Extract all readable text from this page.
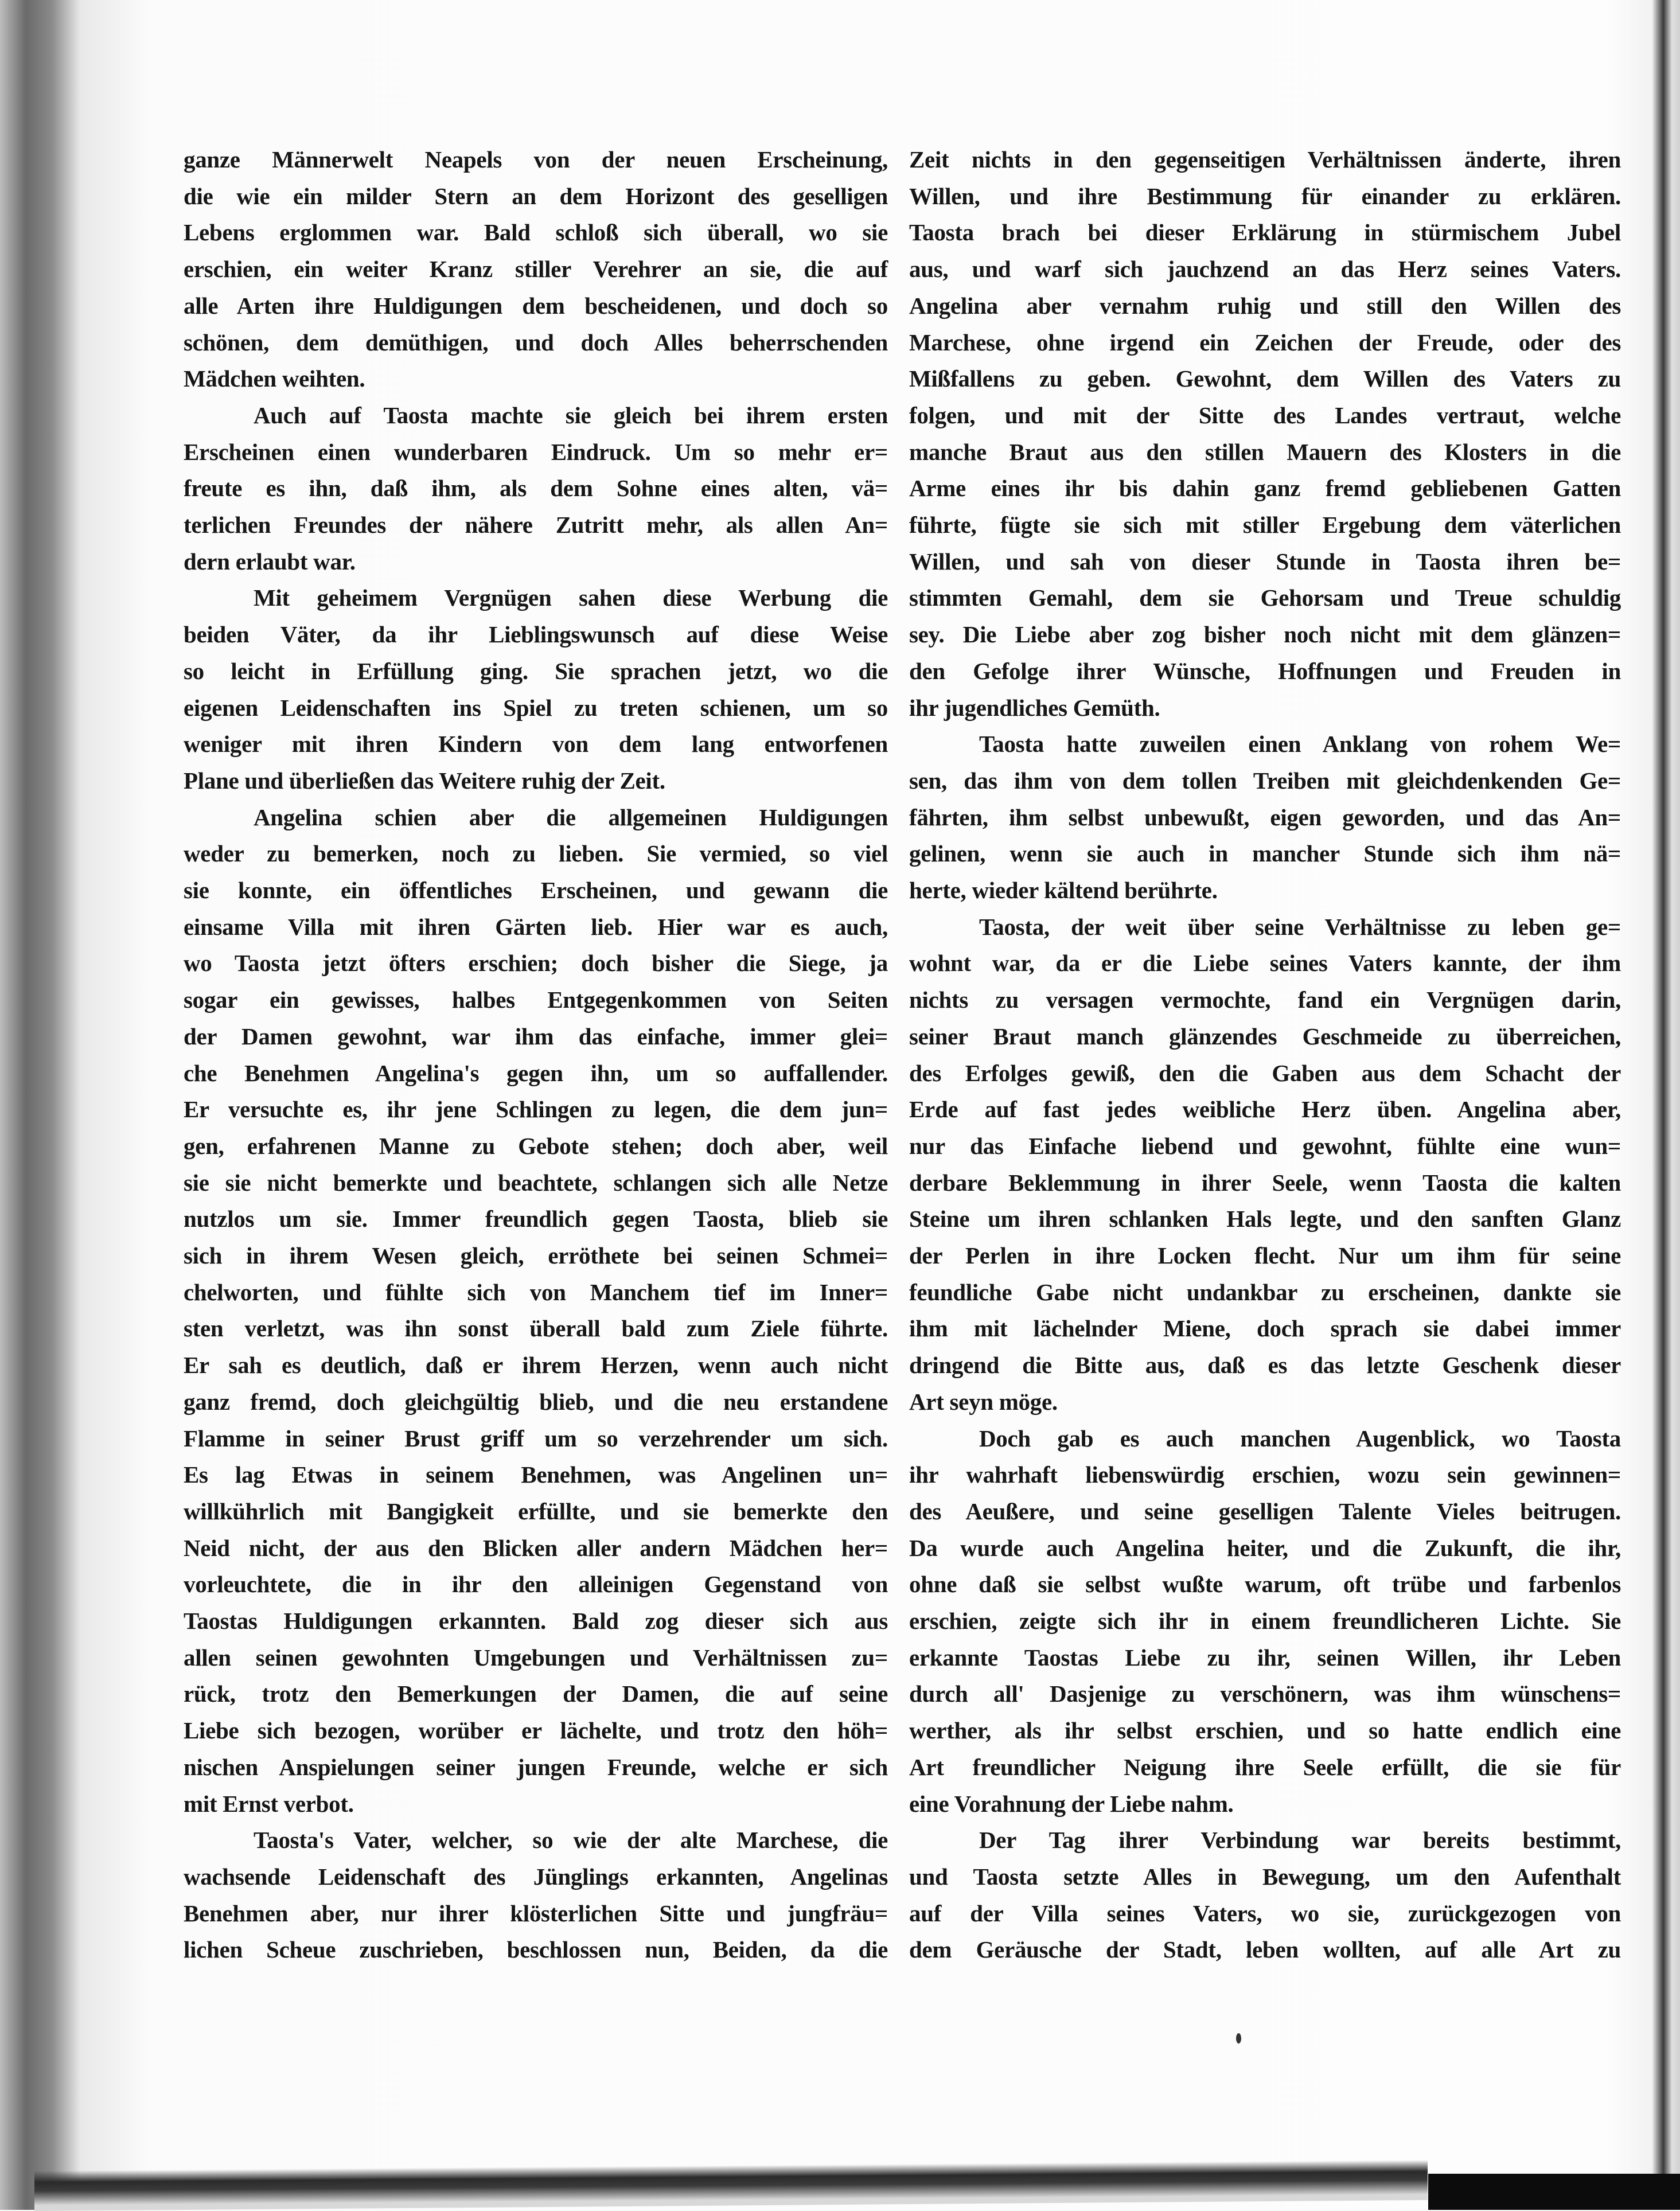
ganze Männerwelt Neapels von der neuen Erscheinung,
die wie ein milder Stern an dem Horizont des geselligen
Lebens erglommen war. Bald schloß sich überall, wo sie
erschien, ein weiter Kranz stiller Verehrer an sie, die auf
alle Arten ihre Huldigungen dem bescheidenen, und doch so
schönen, dem demüthigen, und doch Alles beherrschenden
Mädchen weihten.
Auch auf Taosta machte sie gleich bei ihrem ersten
Erscheinen einen wunderbaren Eindruck. Um so mehr er=
freute es ihn, daß ihm, als dem Sohne eines alten, vä=
terlichen Freundes der nähere Zutritt mehr, als allen An=
dern erlaubt war.
Mit geheimem Vergnügen sahen diese Werbung die
beiden Väter, da ihr Lieblingswunsch auf diese Weise
so leicht in Erfüllung ging. Sie sprachen jetzt, wo die
eigenen Leidenschaften ins Spiel zu treten schienen, um so
weniger mit ihren Kindern von dem lang entworfenen
Plane und überließen das Weitere ruhig der Zeit.
Angelina schien aber die allgemeinen Huldigungen
weder zu bemerken, noch zu lieben. Sie vermied, so viel
sie konnte, ein öffentliches Erscheinen, und gewann die
einsame Villa mit ihren Gärten lieb. Hier war es auch,
wo Taosta jetzt öfters erschien; doch bisher die Siege, ja
sogar ein gewisses, halbes Entgegenkommen von Seiten
der Damen gewohnt, war ihm das einfache, immer glei=
che Benehmen Angelina's gegen ihn, um so auffallender.
Er versuchte es, ihr jene Schlingen zu legen, die dem jun=
gen, erfahrenen Manne zu Gebote stehen; doch aber, weil
sie sie nicht bemerkte und beachtete, schlangen sich alle Netze
nutzlos um sie. Immer freundlich gegen Taosta, blieb sie
sich in ihrem Wesen gleich, erröthete bei seinen Schmei=
chelworten, und fühlte sich von Manchem tief im Inner=
sten verletzt, was ihn sonst überall bald zum Ziele führte.
Er sah es deutlich, daß er ihrem Herzen, wenn auch nicht
ganz fremd, doch gleichgültig blieb, und die neu erstandene
Flamme in seiner Brust griff um so verzehrender um sich.
Es lag Etwas in seinem Benehmen, was Angelinen un=
willkührlich mit Bangigkeit erfüllte, und sie bemerkte den
Neid nicht, der aus den Blicken aller andern Mädchen her=
vorleuchtete, die in ihr den alleinigen Gegenstand von
Taostas Huldigungen erkannten. Bald zog dieser sich aus
allen seinen gewohnten Umgebungen und Verhältnissen zu=
rück, trotz den Bemerkungen der Damen, die auf seine
Liebe sich bezogen, worüber er lächelte, und trotz den höh=
nischen Anspielungen seiner jungen Freunde, welche er sich
mit Ernst verbot.
Taosta's Vater, welcher, so wie der alte Marchese, die
wachsende Leidenschaft des Jünglings erkannten, Angelinas
Benehmen aber, nur ihrer klösterlichen Sitte und jungfräu=
lichen Scheue zuschrieben, beschlossen nun, Beiden, da die
Zeit nichts in den gegenseitigen Verhältnissen änderte, ihren
Willen, und ihre Bestimmung für einander zu erklären.
Taosta brach bei dieser Erklärung in stürmischem Jubel
aus, und warf sich jauchzend an das Herz seines Vaters.
Angelina aber vernahm ruhig und still den Willen des
Marchese, ohne irgend ein Zeichen der Freude, oder des
Mißfallens zu geben. Gewohnt, dem Willen des Vaters zu
folgen, und mit der Sitte des Landes vertraut, welche
manche Braut aus den stillen Mauern des Klosters in die
Arme eines ihr bis dahin ganz fremd gebliebenen Gatten
führte, fügte sie sich mit stiller Ergebung dem väterlichen
Willen, und sah von dieser Stunde in Taosta ihren be=
stimmten Gemahl, dem sie Gehorsam und Treue schuldig
sey. Die Liebe aber zog bisher noch nicht mit dem glänzen=
den Gefolge ihrer Wünsche, Hoffnungen und Freuden in
ihr jugendliches Gemüth.
Taosta hatte zuweilen einen Anklang von rohem We=
sen, das ihm von dem tollen Treiben mit gleichdenkenden Ge=
fährten, ihm selbst unbewußt, eigen geworden, und das An=
gelinen, wenn sie auch in mancher Stunde sich ihm nä=
herte, wieder kältend berührte.
Taosta, der weit über seine Verhältnisse zu leben ge=
wohnt war, da er die Liebe seines Vaters kannte, der ihm
nichts zu versagen vermochte, fand ein Vergnügen darin,
seiner Braut manch glänzendes Geschmeide zu überreichen,
des Erfolges gewiß, den die Gaben aus dem Schacht der
Erde auf fast jedes weibliche Herz üben. Angelina aber,
nur das Einfache liebend und gewohnt, fühlte eine wun=
derbare Beklemmung in ihrer Seele, wenn Taosta die kalten
Steine um ihren schlanken Hals legte, und den sanften Glanz
der Perlen in ihre Locken flecht. Nur um ihm für seine
feundliche Gabe nicht undankbar zu erscheinen, dankte sie
ihm mit lächelnder Miene, doch sprach sie dabei immer
dringend die Bitte aus, daß es das letzte Geschenk dieser
Art seyn möge.
Doch gab es auch manchen Augenblick, wo Taosta
ihr wahrhaft liebenswürdig erschien, wozu sein gewinnen=
des Aeußere, und seine geselligen Talente Vieles beitrugen.
Da wurde auch Angelina heiter, und die Zukunft, die ihr,
ohne daß sie selbst wußte warum, oft trübe und farbenlos
erschien, zeigte sich ihr in einem freundlicheren Lichte. Sie
erkannte Taostas Liebe zu ihr, seinen Willen, ihr Leben
durch all' Dasjenige zu verschönern, was ihm wünschens=
werther, als ihr selbst erschien, und so hatte endlich eine
Art freundlicher Neigung ihre Seele erfüllt, die sie für
eine Vorahnung der Liebe nahm.
Der Tag ihrer Verbindung war bereits bestimmt,
und Taosta setzte Alles in Bewegung, um den Aufenthalt
auf der Villa seines Vaters, wo sie, zurückgezogen von
dem Geräusche der Stadt, leben wollten, auf alle Art zu
